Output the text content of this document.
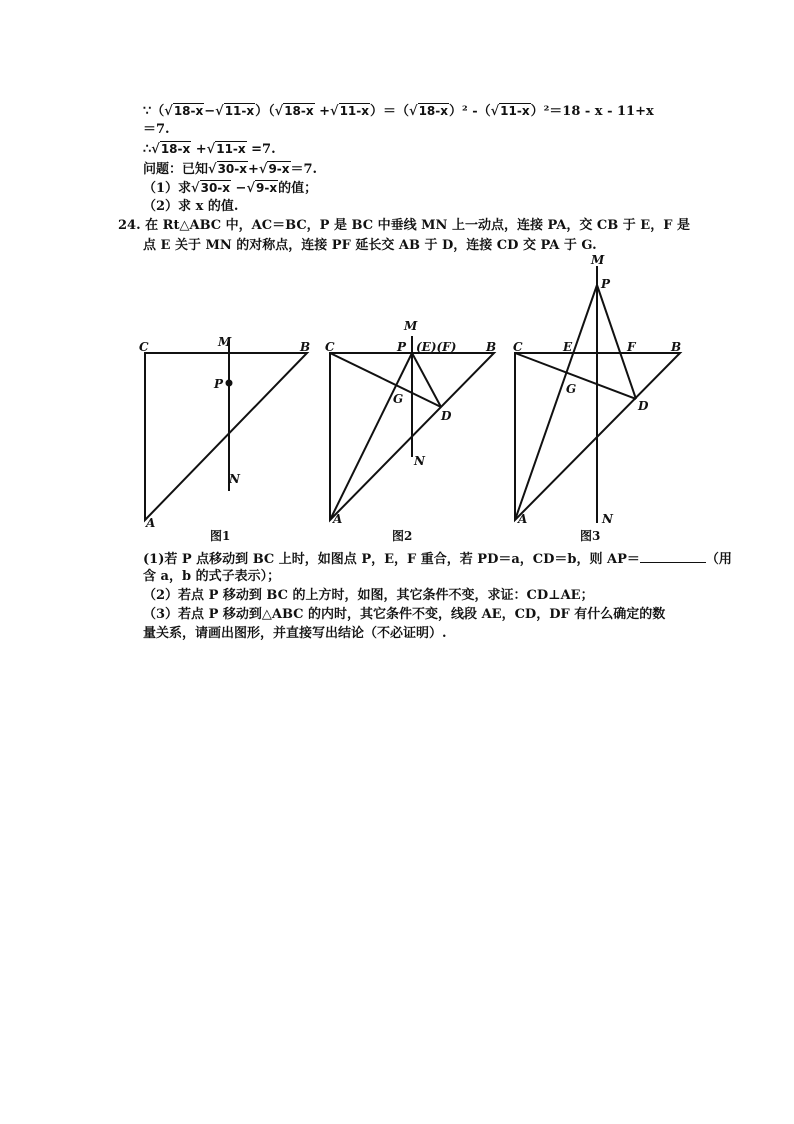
∵（√18-x−√11-x）（√18-x +√11-x）＝（√18-x）² -（√11-x）²＝18 - x - 11+x
＝7.
∴√18-x +√11-x =7.
问题：已知√30-x+√9-x＝7.
（1）求√30-x −√9-x的值；
（2）求 x 的值.
24. 在 Rt△ABC 中，AC＝BC，P 是 BC 中垂线 MN 上一动点，连接 PA，交 CB 于 E，F 是
点 E 关于 MN 的对称点，连接 PF 延长交 AB 于 D，连接 CD 交 PA 于 G.
C	M	B
P
N
A
C
M
P (E)(F) B
G
D
N
A
M
P
C	E	F	B
G
D
A	N
图1	图2	图3
(1)若 P 点移动到 BC 上时，如图点 P，E，F 重合，若 PD＝a，CD＝b，则 AP＝	（用
含 a，b 的式子表示）；
（2）若点 P 移动到 BC 的上方时，如图，其它条件不变，求证：CD⊥AE；
（3）若点 P 移动到△ABC 的内时，其它条件不变，线段 AE，CD，DF 有什么确定的数
量关系，请画出图形，并直接写出结论（不必证明）.
